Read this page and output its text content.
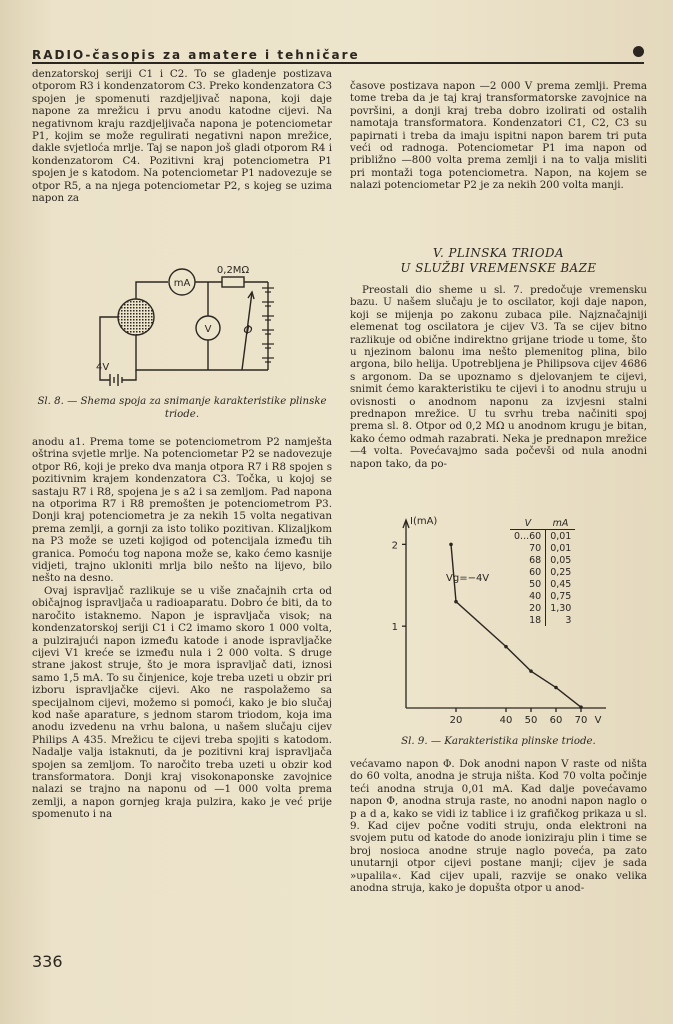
RADIO-časopis za amatere i tehničare

denzatorskoj seriji C1 i C2. To se gladenje postizava otporom R3 i kondenzatorom C3. Preko kondenzatora C3 spojen je spomenuti razdjeljivač napona, koji daje napone za mrežicu i prvu anodu katodne cijevi. Na negativnom kraju razdjeljivača napona je potenciometar P1, kojim se može regulirati negativni napon mrežice, dakle svjetloća mrlje. Taj se napon još gladi otporom R4 i kondenzatorom C4. Pozitivni kraj potenciometra P1 spojen je s katodom. Na potenciometar P1 nadovezuje se otpor R5, a na njega potenciometar P2, s kojeg se uzima napon za

mA
V
0,2MΩ
Φ
4V
Sl. 8. — Shema spoja za snimanje karakteristike plinske triode.

anodu a1. Prema tome se potenciometrom P2 namješta oštrina svjetle mrlje. Na potenciometar P2 se nadovezuje otpor R6, koji je preko dva manja otpora R7 i R8 spojen s pozitivnim krajem kondenzatora C3. Točka, u kojoj se sastaju R7 i R8, spojena je s a2 i sa zemljom. Pad napona na otporima R7 i R8 premošten je potenciometrom P3. Donji kraj potenciometra je za nekih 15 volta negativan prema zemlji, a gornji za isto toliko pozitivan. Klizaljkom na P3 može se uzeti kojigod od potencijala između tih granica. Pomoću tog napona može se, kako ćemo kasnije vidjeti, trajno ukloniti mrlja bilo nešto na lijevo, bilo nešto na desno.

Ovaj ispravljač razlikuje se u više značajnih crta od običajnog ispravljača u radioaparatu. Dobro će biti, da to naročito istaknemo. Napon je ispravljača visok; na kondenzatorskoj seriji C1 i C2 imamo skoro 1 000 volta, a pulzirajući napon između katode i anode ispravljačke cijevi V1 kreće se između nula i 2 000 volta. S druge strane jakost struje, što je mora ispravljač dati, iznosi samo 1,5 mA. To su činjenice, koje treba uzeti u obzir pri izboru ispravljačke cijevi. Ako ne raspolažemo sa specijalnom cijevi, možemo si pomoći, kako je bio slučaj kod naše aparature, s jednom starom triodom, koja ima anodu izvedenu na vrhu balona, u našem slučaju cijev Philips A 435. Mrežicu te cijevi treba spojiti s katodom. Nadalje valja istaknuti, da je pozitivni kraj ispravljača spojen sa zemljom. To naročito treba uzeti u obzir kod transformatora. Donji kraj visokonaponske zavojnice nalazi se trajno na naponu od —1 000 volta prema zemlji, a napon gornjeg kraja pulzira, kako je već prije spomenuto i na

časove postizava napon —2 000 V prema zemlji. Prema tome treba da je taj kraj transformatorske zavojnice na površini, a donji kraj treba dobro izolirati od ostalih namotaja transformatora. Kondenzatori C1, C2, C3 su papirnati i treba da imaju ispitni napon barem tri puta veći od radnoga. Potenciometar P1 ima napon od približno —800 volta prema zemlji i na to valja misliti pri montaži toga potenciometra. Napon, na kojem se nalazi potenciometar P2 je za nekih 200 volta manji.

V. PLINSKA TRIODA
U SLUŽBI VREMENSKE BAZE

Preostali dio sheme u sl. 7. predočuje vremensku bazu. U našem slučaju je to oscilator, koji daje napon, koji se mijenja po zakonu zubaca pile. Najznačajniji elemenat tog oscilatora je cijev V3. Ta se cijev bitno razlikuje od obične indirektno grijane triode u tome, što u njezinom balonu ima nešto plemenitog plina, bilo argona, bilo helija. Upotrebljena je Philipsova cijev 4686 s argonom. Da se upoznamo s djelovanjem te cijevi, snimit ćemo karakteristiku te cijevi i to anodnu struju u ovisnosti o anodnom naponu za izvjesni stalni prednapon mrežice. U tu svrhu treba načiniti spoj prema sl. 8. Otpor od 0,2 MΩ u anodnom krugu je bitan, kako ćemo odmah razabrati. Neka je prednapon mrežice —4 volta. Povećavajmo sada počevši od nula anodni napon tako, da po-

1
2
20	40 50 60 70 V
I(mA)
Vg=−4V
V	mA
0...60	0,01
70	0,01
68	0,05
60	0,25
50	0,45
40	0,75
20	1,30
18	3
Sl. 9. — Karakteristika plinske triode.

većavamo napon Φ. Dok anodni napon V raste od ništa do 60 volta, anodna je struja ništa. Kod 70 volta počinje teći anodna struja 0,01 mA. Kad dalje povećavamo napon Φ, anodna struja raste, no anodni napon naglo o p a d a, kako se vidi iz tablice i iz grafičkog prikaza u sl. 9. Kad cijev počne voditi struju, onda elektroni na svojem putu od katode do anode ioniziraju plin i time se broj nosioca anodne struje naglo poveća, pa zato unutarnji otpor cijevi postane manji; cijev je sada »upalila«. Kad cijev upali, razvije se onako velika anodna struja, kako je dopušta otpor u anod-

336
